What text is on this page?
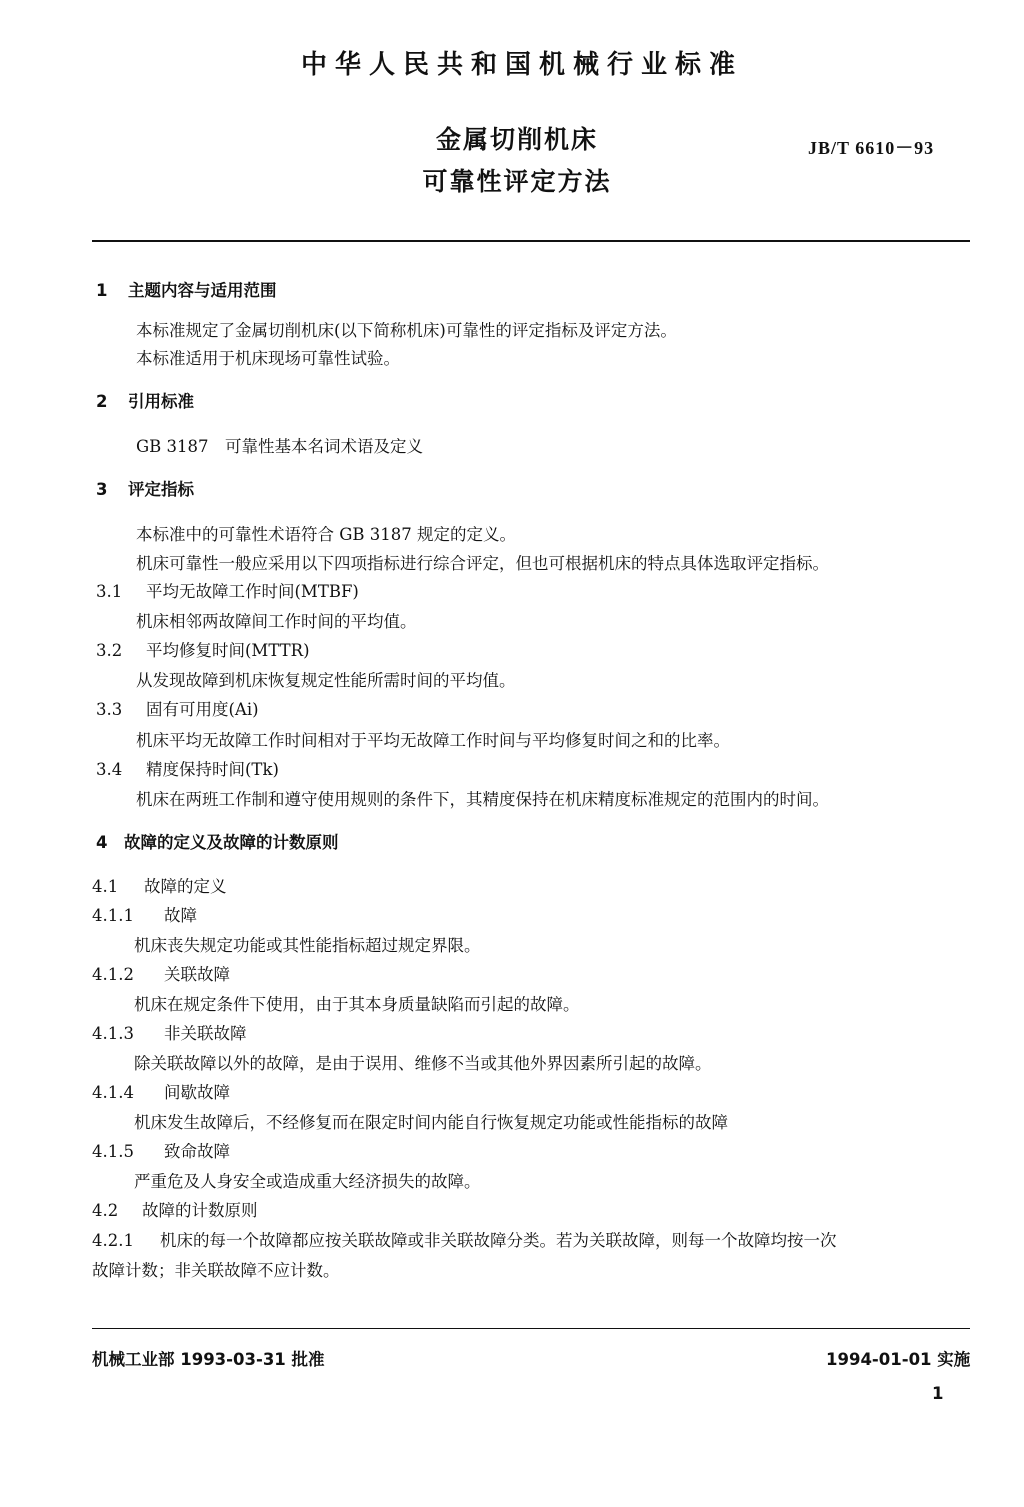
中华人民共和国机械行业标准
金属切削机床
可靠性评定方法
JB/T 6610－93
1 主题内容与适用范围
本标准规定了金属切削机床(以下简称机床)可靠性的评定指标及评定方法。
本标准适用于机床现场可靠性试验。
2 引用标准
GB 3187　可靠性基本名词术语及定义
3 评定指标
本标准中的可靠性术语符合 GB 3187 规定的定义。
机床可靠性一般应采用以下四项指标进行综合评定，但也可根据机床的特点具体选取评定指标。
3.1 平均无故障工作时间(MTBF)
机床相邻两故障间工作时间的平均值。
3.2 平均修复时间(MTTR)
从发现故障到机床恢复规定性能所需时间的平均值。
3.3 固有可用度(Ai)
机床平均无故障工作时间相对于平均无故障工作时间与平均修复时间之和的比率。
3.4 精度保持时间(Tk)
机床在两班工作制和遵守使用规则的条件下，其精度保持在机床精度标准规定的范围内的时间。
4 故障的定义及故障的计数原则
4.1 故障的定义
4.1.1 故障
机床丧失规定功能或其性能指标超过规定界限。
4.1.2 关联故障
机床在规定条件下使用，由于其本身质量缺陷而引起的故障。
4.1.3 非关联故障
除关联故障以外的故障，是由于误用、维修不当或其他外界因素所引起的故障。
4.1.4 间歇故障
机床发生故障后，不经修复而在限定时间内能自行恢复规定功能或性能指标的故障
4.1.5 致命故障
严重危及人身安全或造成重大经济损失的故障。
4.2 故障的计数原则
4.2.1 机床的每一个故障都应按关联故障或非关联故障分类。若为关联故障，则每一个故障均按一次
故障计数；非关联故障不应计数。
机械工业部 1993-03-31 批准	1994-01-01 实施
1
